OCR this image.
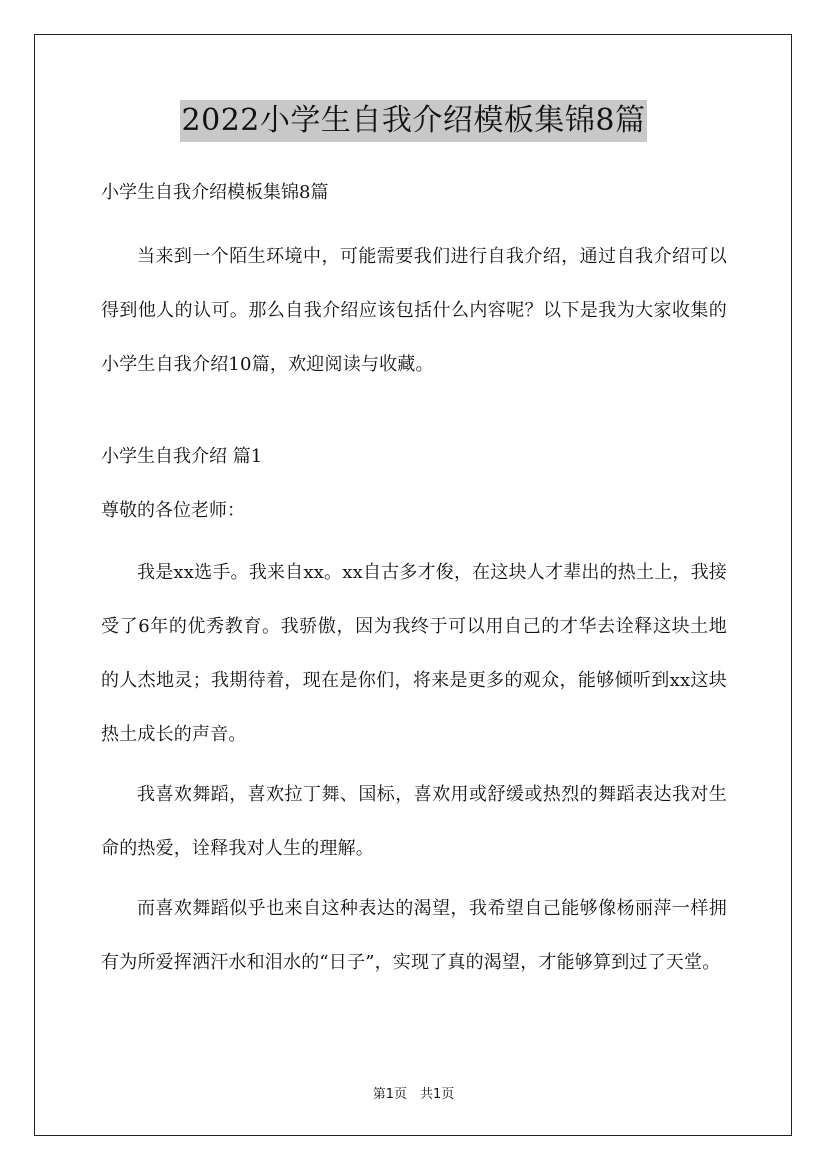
2022小学生自我介绍模板集锦8篇

小学生自我介绍模板集锦8篇

当来到一个陌生环境中，可能需要我们进行自我介绍，通过自我介绍可以得到他人的认可。那么自我介绍应该包括什么内容呢？以下是我为大家收集的小学生自我介绍10篇，欢迎阅读与收藏。

小学生自我介绍 篇1

尊敬的各位老师：

我是xx选手。我来自xx。xx自古多才俊，在这块人才辈出的热土上，我接受了6年的优秀教育。我骄傲，因为我终于可以用自己的才华去诠释这块土地的人杰地灵；我期待着，现在是你们，将来是更多的观众，能够倾听到xx这块热土成长的声音。

我喜欢舞蹈，喜欢拉丁舞、国标，喜欢用或舒缓或热烈的舞蹈表达我对生命的热爱，诠释我对人生的理解。

而喜欢舞蹈似乎也来自这种表达的渴望，我希望自己能够像杨丽萍一样拥有为所爱挥洒汗水和泪水的“日子”，实现了真的渴望，才能够算到过了天堂。

第1页　共1页
